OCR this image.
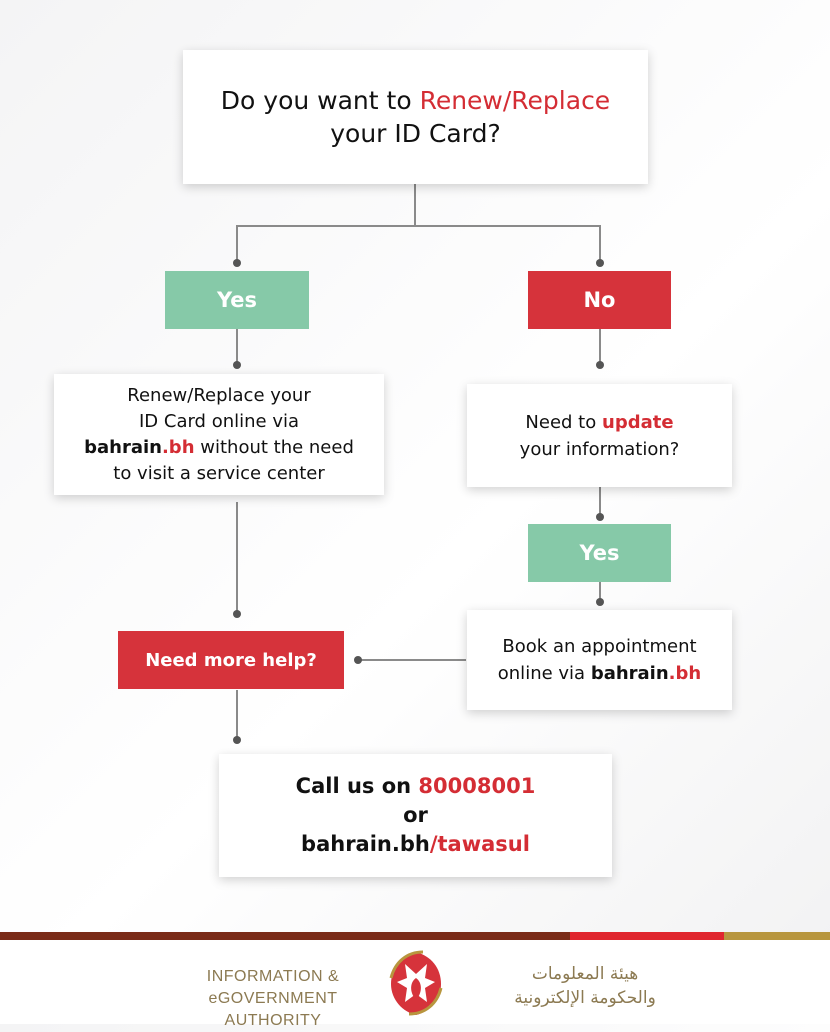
Do you want to Renew/Replace
your ID Card?
Yes	No
Renew/Replace your
ID Card online via
bahrain.bh without the need
to visit a service center
Need to update
your information?
Yes
Book an appointment
online via bahrain.bh
Need more help?
Call us on 80008001
or
bahrain.bh/tawasul
INFORMATION &
eGOVERNMENT AUTHORITY
هيئة المعلومات
والحكومة الإلكترونية
